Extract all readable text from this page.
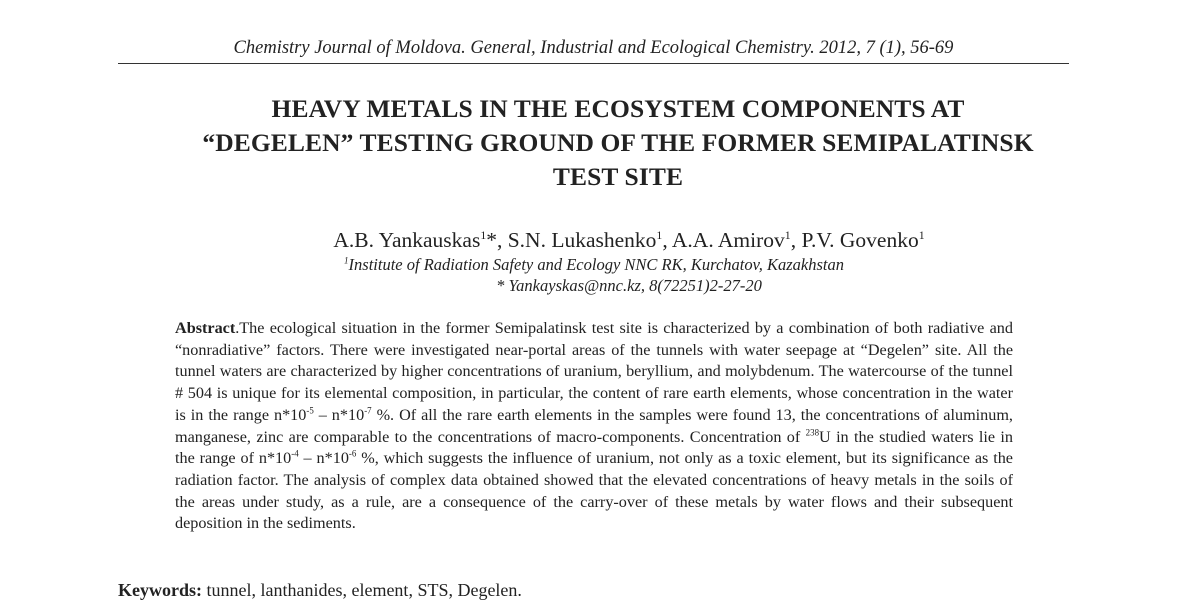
Chemistry Journal of Moldova. General, Industrial and Ecological Chemistry. 2012, 7 (1), 56-69
HEAVY METALS IN THE ECOSYSTEM COMPONENTS AT
“DEGELEN” TESTING GROUND OF THE FORMER SEMIPALATINSK
TEST SITE
A.B. Yankauskas$^1$*, S.N. Lukashenko$^1$, A.A. Amirov$^1$, P.V. Govenko$^1$
$^1$Institute of Radiation Safety and Ecology NNC RK, Kurchatov, Kazakhstan
* Yankayskas@nnc.kz, 8(72251)2-27-20

Abstract.The ecological situation in the former Semipalatinsk test site is characterized by a combination of both radiative and “nonradiative” factors. There were investigated near-portal areas of the tunnels with water seepage at “Degelen” site. All the tunnel waters are characterized by higher concentrations of uranium, beryllium, and molybdenum. The watercourse of the tunnel # 504 is unique for its elemental composition, in particular, the content of rare earth elements, whose concentration in the water is in the range $n*10^{-5} - n*10^{-7}$ %. Of all the rare earth elements in the samples were found 13, the concentrations of aluminum, manganese, zinc are comparable to the concentrations of macro-components. Concentration of $^{238}$U in the studied waters lie in the range of $n*10^{-4} - n*10^{-6}$ %, which suggests the influence of uranium, not only as a toxic element, but its significance as the radiation factor. The analysis of complex data obtained showed that the elevated concentrations of heavy metals in the soils of the areas under study, as a rule, are a consequence of the carry-over of these metals by water flows and their subsequent deposition in the sediments.

Keywords: tunnel, lanthanides, element, STS, Degelen.
